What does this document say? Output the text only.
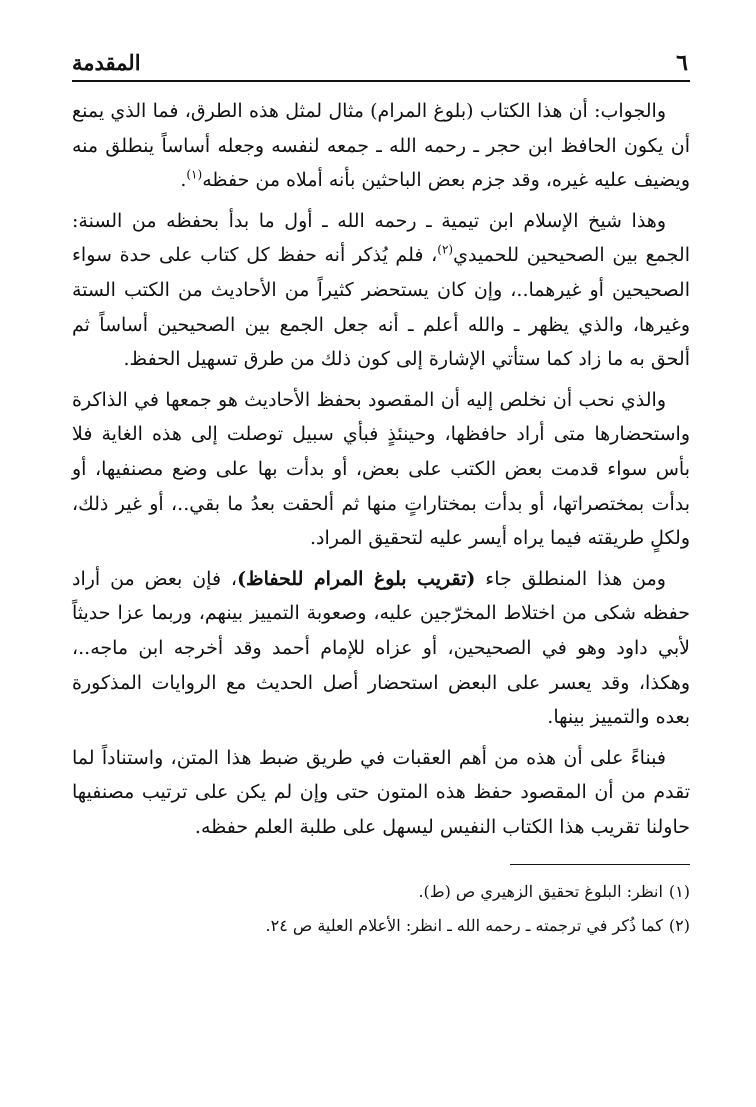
٦
المقدمة

والجواب: أن هذا الكتاب (بلوغ المرام) مثال لمثل هذه الطرق، فما الذي يمنع أن يكون الحافظ ابن حجر ـ رحمه الله ـ جمعه لنفسه وجعله أساساً ينطلق منه ويضيف عليه غيره، وقد جزم بعض الباحثين بأنه أملاه من حفظه$^{(١)}$.

وهذا شيخ الإسلام ابن تيمية ـ رحمه الله ـ أول ما بدأ بحفظه من السنة: الجمع بين الصحيحين للحميدي$^{(٢)}$، فلم يُذكر أنه حفظ كل كتاب على حدة سواء الصحيحين أو غيرهما..، وإن كان يستحضر كثيراً من الأحاديث من الكتب الستة وغيرها، والذي يظهر ـ والله أعلم ـ أنه جعل الجمع بين الصحيحين أساساً ثم ألحق به ما زاد كما ستأتي الإشارة إلى كون ذلك من طرق تسهيل الحفظ.

والذي نحب أن نخلص إليه أن المقصود بحفظ الأحاديث هو جمعها في الذاكرة واستحضارها متى أراد حافظها، وحينئذٍ فبأي سبيل توصلت إلى هذه الغاية فلا بأس سواء قدمت بعض الكتب على بعض، أو بدأت بها على وضع مصنفيها، أو بدأت بمختصراتها، أو بدأت بمختاراتٍ منها ثم ألحقت بعدُ ما بقي..، أو غير ذلك، ولكلٍ طريقته فيما يراه أيسر عليه لتحقيق المراد.

ومن هذا المنطلق جاء (تقريب بلوغ المرام للحفاظ)، فإن بعض من أراد حفظه شكى من اختلاط المخرّجين عليه، وصعوبة التمييز بينهم، وربما عزا حديثاً لأبي داود وهو في الصحيحين، أو عزاه للإمام أحمد وقد أخرجه ابن ماجه..، وهكذا، وقد يعسر على البعض استحضار أصل الحديث مع الروايات المذكورة بعده والتمييز بينها.

فبناءً على أن هذه من أهم العقبات في طريق ضبط هذا المتن، واستناداً لما تقدم من أن المقصود حفظ هذه المتون حتى وإن لم يكن على ترتيب مصنفيها حاولنا تقريب هذا الكتاب النفيس ليسهل على طلبة العلم حفظه.

(١)انظر: البلوغ تحقيق الزهيري ص (ط).

(٢)كما ذُكر في ترجمته ـ رحمه الله ـ انظر: الأعلام العلية ص ٢٤.
